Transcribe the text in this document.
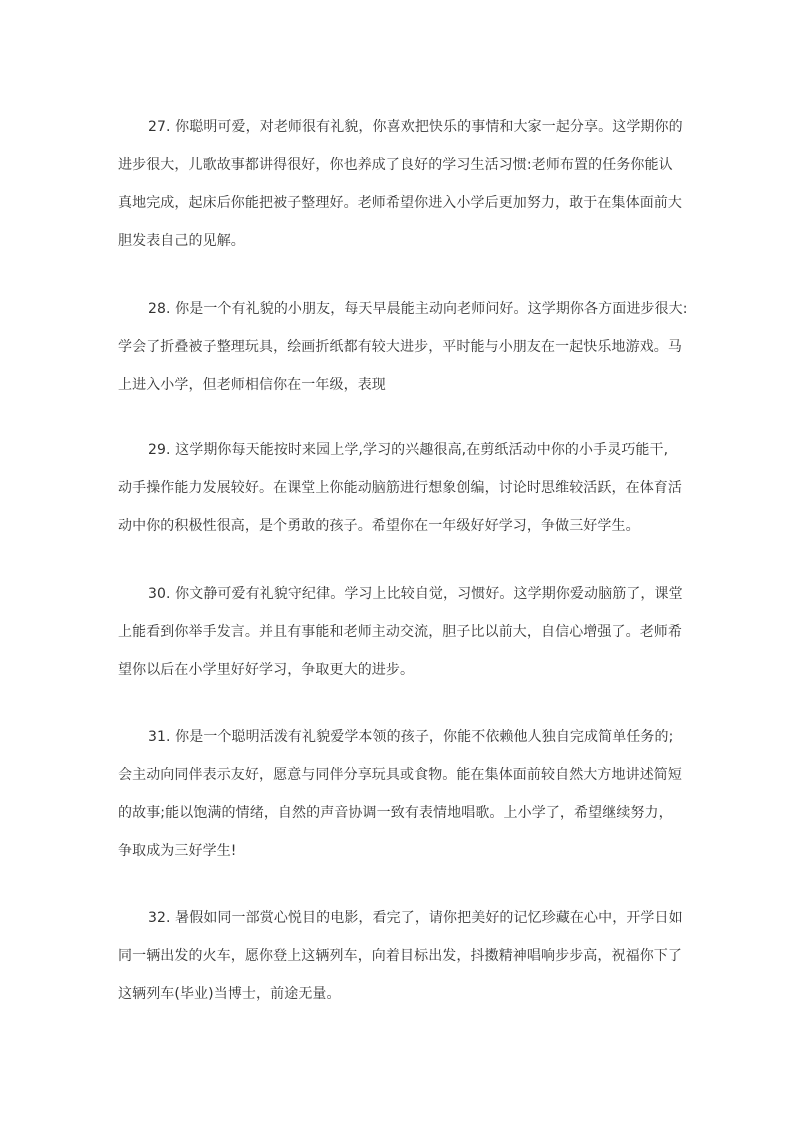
27. 你聪明可爱，对老师很有礼貌，你喜欢把快乐的事情和大家一起分享。这学期你的
进步很大，儿歌故事都讲得很好，你也养成了良好的学习生活习惯:老师布置的任务你能认
真地完成，起床后你能把被子整理好。老师希望你进入小学后更加努力，敢于在集体面前大
胆发表自己的见解。
28. 你是一个有礼貌的小朋友，每天早晨能主动向老师问好。这学期你各方面进步很大:
学会了折叠被子整理玩具，绘画折纸都有较大进步，平时能与小朋友在一起快乐地游戏。马
上进入小学，但老师相信你在一年级，表现
29. 这学期你每天能按时来园上学,学习的兴趣很高,在剪纸活动中你的小手灵巧能干,
动手操作能力发展较好。在课堂上你能动脑筋进行想象创编，讨论时思维较活跃，在体育活
动中你的积极性很高，是个勇敢的孩子。希望你在一年级好好学习，争做三好学生。
30. 你文静可爱有礼貌守纪律。学习上比较自觉，习惯好。这学期你爱动脑筋了，课堂
上能看到你举手发言。并且有事能和老师主动交流，胆子比以前大，自信心增强了。老师希
望你以后在小学里好好学习，争取更大的进步。
31. 你是一个聪明活泼有礼貌爱学本领的孩子，你能不依赖他人独自完成简单任务的;
会主动向同伴表示友好，愿意与同伴分享玩具或食物。能在集体面前较自然大方地讲述简短
的故事;能以饱满的情绪，自然的声音协调一致有表情地唱歌。上小学了，希望继续努力，
争取成为三好学生!
32. 暑假如同一部赏心悦目的电影，看完了，请你把美好的记忆珍藏在心中，开学日如
同一辆出发的火车，愿你登上这辆列车，向着目标出发，抖擞精神唱响步步高，祝福你下了
这辆列车(毕业)当博士，前途无量。
